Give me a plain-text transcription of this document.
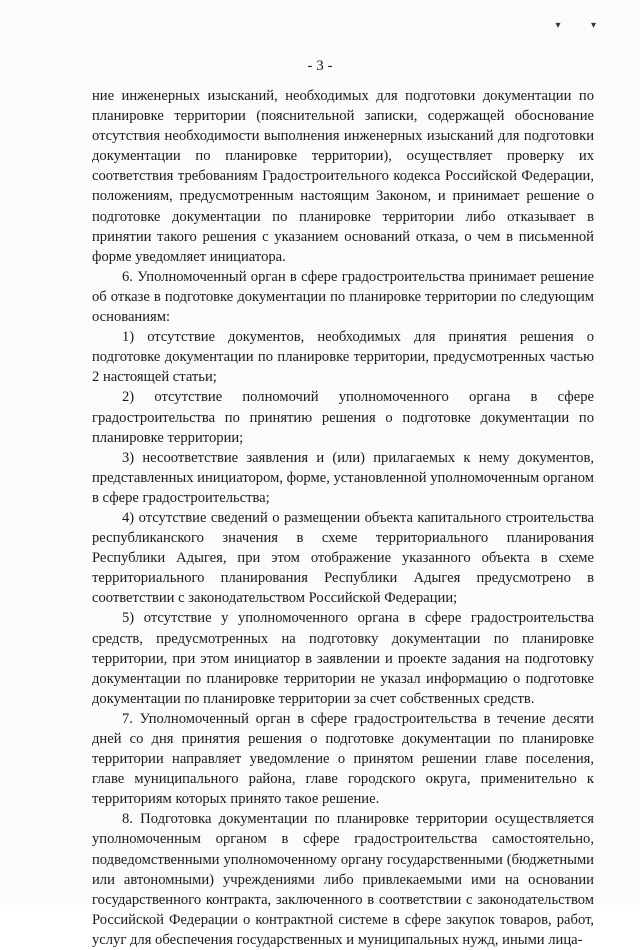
▾ ▾
- 3 -

ние инженерных изысканий, необходимых для подготовки документации по планировке территории (пояснительной записки, содержащей обоснование отсутствия необходимости выполнения инженерных изысканий для подготовки документации по планировке территории), осуществляет проверку их соответствия требованиям Градостроительного кодекса Российской Федерации, положениям, предусмотренным настоящим Законом, и принимает решение о подготовке документации по планировке территории либо отказывает в принятии такого решения с указанием оснований отказа, о чем в письменной форме уведомляет инициатора.

6. Уполномоченный орган в сфере градостроительства принимает решение об отказе в подготовке документации по планировке территории по следующим основаниям:

1) отсутствие документов, необходимых для принятия решения о подготовке документации по планировке территории, предусмотренных частью 2 настоящей статьи;

2) отсутствие полномочий уполномоченного органа в сфере градостроительства по принятию решения о подготовке документации по планировке территории;

3) несоответствие заявления и (или) прилагаемых к нему документов, представленных инициатором, форме, установленной уполномоченным органом в сфере градостроительства;

4) отсутствие сведений о размещении объекта капитального строительства республиканского значения в схеме территориального планирования Республики Адыгея, при этом отображение указанного объекта в схеме территориального планирования Республики Адыгея предусмотрено в соответствии с законодательством Российской Федерации;

5) отсутствие у уполномоченного органа в сфере градостроительства средств, предусмотренных на подготовку документации по планировке территории, при этом инициатор в заявлении и проекте задания на подготовку документации по планировке территории не указал информацию о подготовке документации по планировке территории за счет собственных средств.

7. Уполномоченный орган в сфере градостроительства в течение десяти дней со дня принятия решения о подготовке документации по планировке территории направляет уведомление о принятом решении главе поселения, главе муниципального района, главе городского округа, применительно к территориям которых принято такое решение.

8. Подготовка документации по планировке территории осуществляется уполномоченным органом в сфере градостроительства самостоятельно, подведомственными уполномоченному органу государственными (бюджетными или автономными) учреждениями либо привлекаемыми ими на основании государственного контракта, заключенного в соответствии с законодательством Российской Федерации о контрактной системе в сфере закупок товаров, работ, услуг для обеспечения государственных и муниципальных нужд, иными лица-
